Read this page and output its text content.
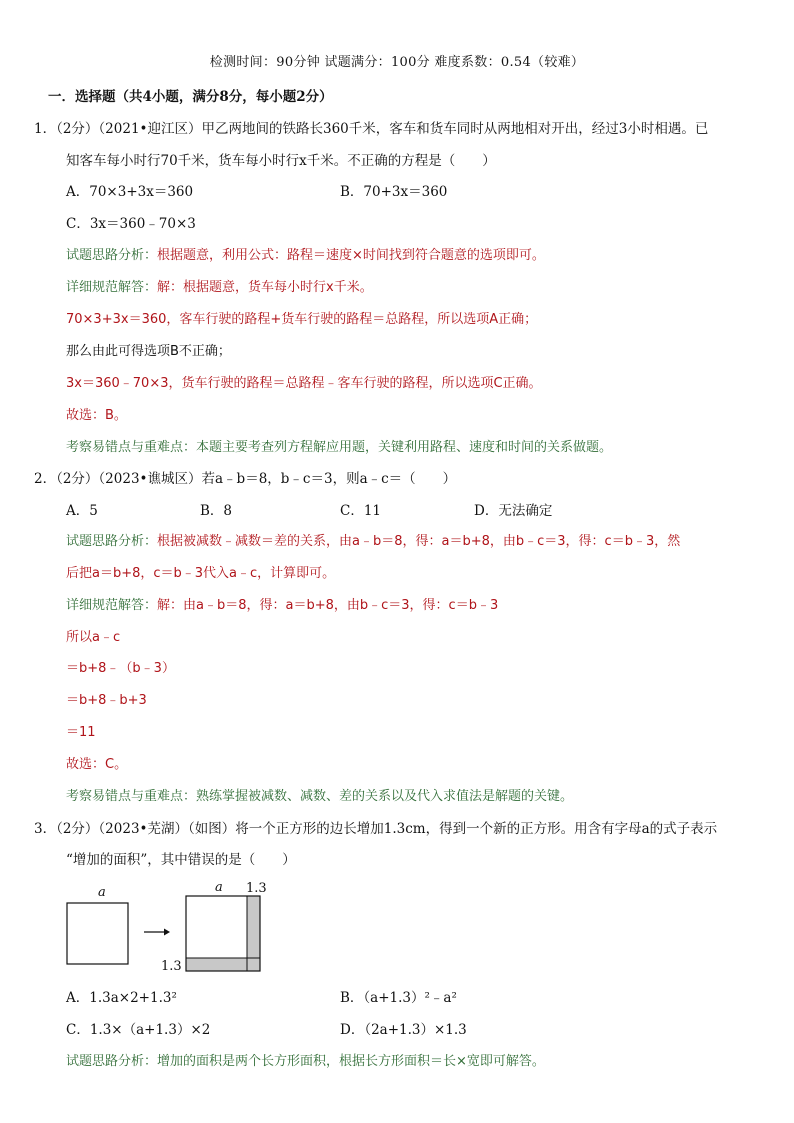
检测时间：90分钟 试题满分：100分 难度系数：0.54（较难）
一．选择题（共4小题，满分8分，每小题2分）
1．（2分）（2021•迎江区）甲乙两地间的铁路长360千米，客车和货车同时从两地相对开出，经过3小时相遇。已
知客车每小时行70千米，货车每小时行x千米。不正确的方程是（　　）
A．70×3+3x＝360	B．70+3x＝360
C．3x＝360﹣70×3
试题思路分析：根据题意，利用公式：路程＝速度×时间找到符合题意的选项即可。
详细规范解答：解：根据题意，货车每小时行x千米。
70×3+3x＝360，客车行驶的路程+货车行驶的路程＝总路程，所以选项A正确；
那么由此可得选项B不正确；
3x＝360﹣70×3，货车行驶的路程＝总路程﹣客车行驶的路程，所以选项C正确。
故选：B。
考察易错点与重难点：本题主要考查列方程解应用题，关键利用路程、速度和时间的关系做题。
2．（2分）（2023•谯城区）若a﹣b＝8，b﹣c＝3，则a﹣c＝（　　）
A．5	B．8	C．11	D．无法确定
试题思路分析：根据被减数﹣减数＝差的关系，由a﹣b＝8，得：a＝b+8，由b﹣c＝3，得：c＝b﹣3，然
后把a＝b+8，c＝b﹣3代入a﹣c，计算即可。
详细规范解答：解：由a﹣b＝8，得：a＝b+8，由b﹣c＝3，得：c＝b﹣3
所以a﹣c
＝b+8﹣（b﹣3）
＝b+8﹣b+3
＝11
故选：C。
考察易错点与重难点：熟练掌握被减数、减数、差的关系以及代入求值法是解题的关键。
3．（2分）（2023•芜湖）（如图）将一个正方形的边长增加1.3cm，得到一个新的正方形。用含有字母a的式子表示
“增加的面积”，其中错误的是（　　）
a	a 1.3
1.3
A．1.3a×2+1.3²	B．（a+1.3）²﹣a²
C．1.3×（a+1.3）×2	D．（2a+1.3）×1.3
试题思路分析：增加的面积是两个长方形面积，根据长方形面积＝长×宽即可解答。
